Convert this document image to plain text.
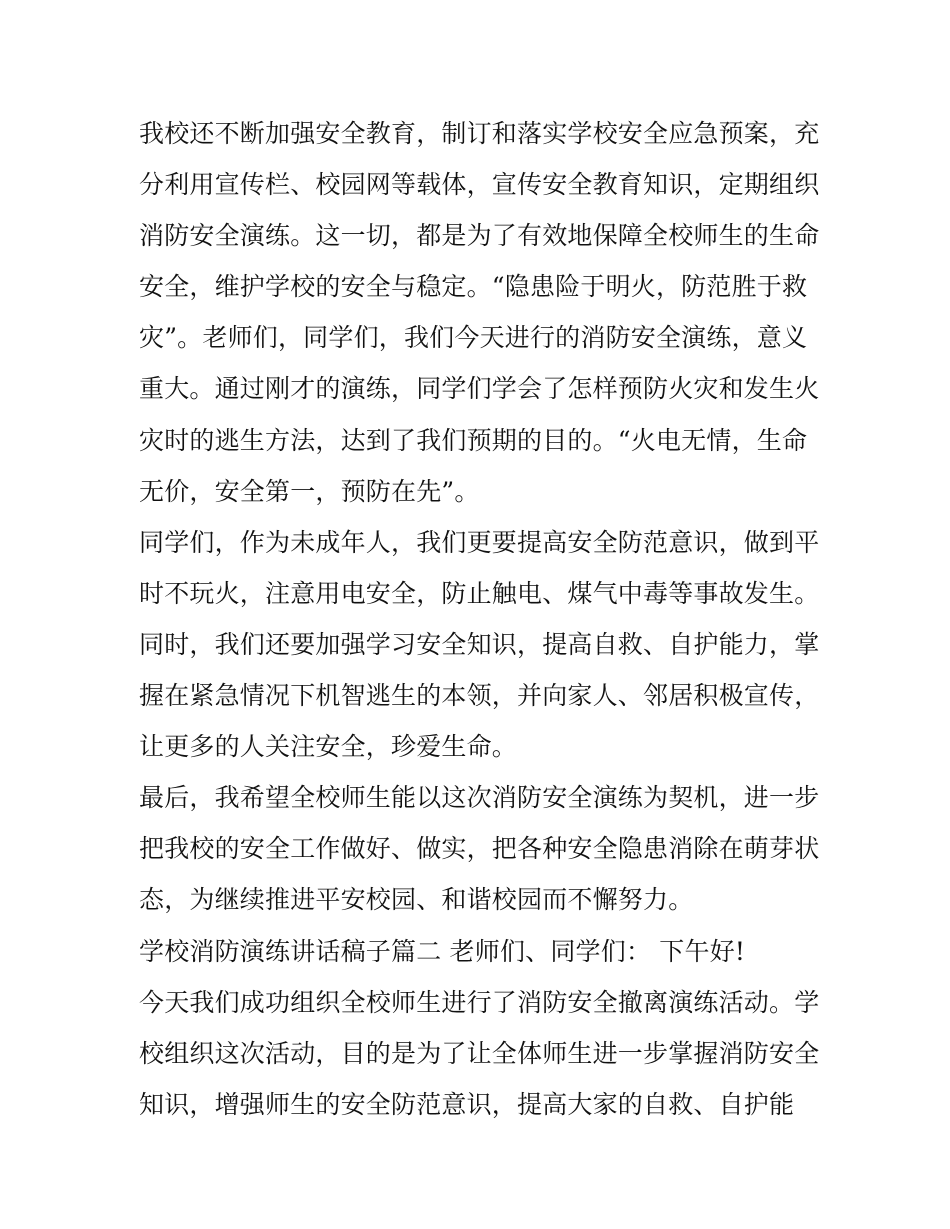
我校还不断加强安全教育，制订和落实学校安全应急预案，充
分利用宣传栏、校园网等载体，宣传安全教育知识，定期组织
消防安全演练。这一切，都是为了有效地保障全校师生的生命
安全，维护学校的安全与稳定。“隐患险于明火，防范胜于救
灾”。老师们，同学们，我们今天进行的消防安全演练，意义
重大。通过刚才的演练，同学们学会了怎样预防火灾和发生火
灾时的逃生方法，达到了我们预期的目的。“火电无情，生命
无价，安全第一，预防在先”。
同学们，作为未成年人，我们更要提高安全防范意识，做到平
时不玩火，注意用电安全，防止触电、煤气中毒等事故发生。
同时，我们还要加强学习安全知识，提高自救、自护能力，掌
握在紧急情况下机智逃生的本领，并向家人、邻居积极宣传，
让更多的人关注安全，珍爱生命。
最后，我希望全校师生能以这次消防安全演练为契机，进一步
把我校的安全工作做好、做实，把各种安全隐患消除在萌芽状
态，为继续推进平安校园、和谐校园而不懈努力。
学校消防演练讲话稿子篇二 老师们、同学们： 下午好!
今天我们成功组织全校师生进行了消防安全撤离演练活动。学
校组织这次活动，目的是为了让全体师生进一步掌握消防安全
知识，增强师生的安全防范意识，提高大家的自救、自护能
